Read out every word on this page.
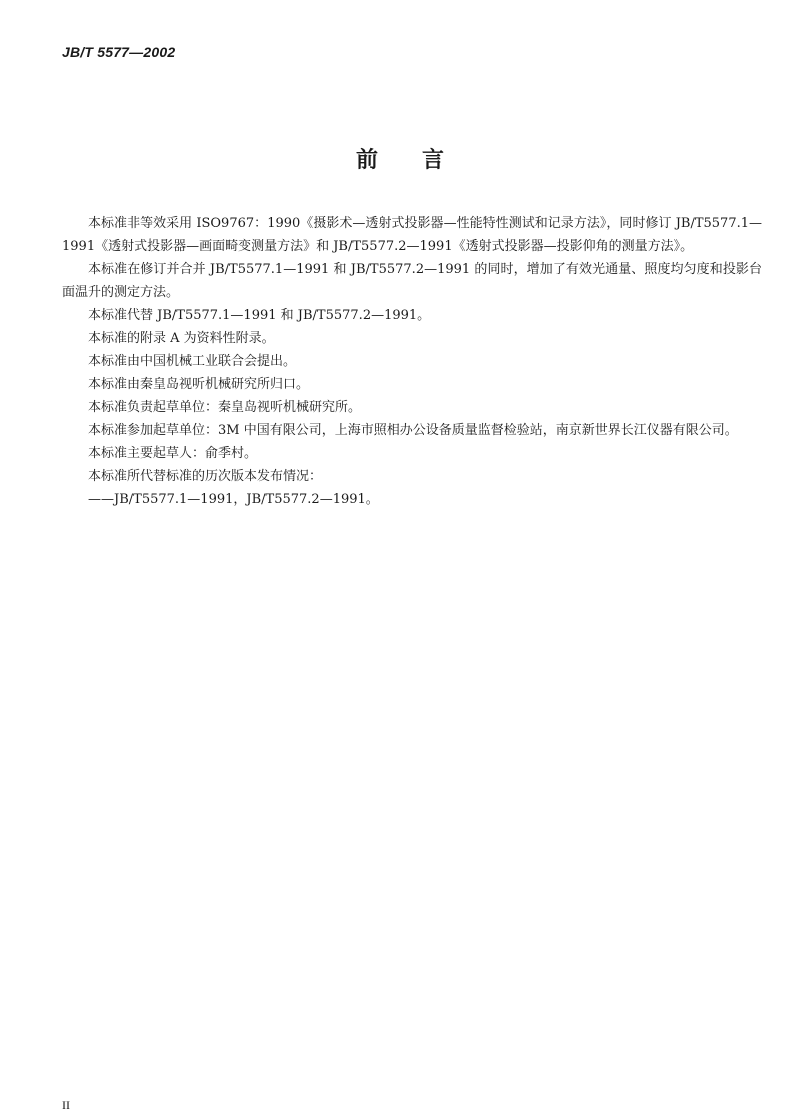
JB/T 5577—2002
前言

本标准非等效采用 ISO9767：1990《摄影术—透射式投影器—性能特性测试和记录方法》，同时修订 JB/T5577.1—1991《透射式投影器—画面畸变测量方法》和 JB/T5577.2—1991《透射式投影器—投影仰角的测量方法》。

本标准在修订并合并 JB/T5577.1—1991 和 JB/T5577.2—1991 的同时，增加了有效光通量、照度均匀度和投影台面温升的测定方法。

本标准代替 JB/T5577.1—1991 和 JB/T5577.2—1991。

本标准的附录 A 为资料性附录。

本标准由中国机械工业联合会提出。

本标准由秦皇岛视听机械研究所归口。

本标准负责起草单位：秦皇岛视听机械研究所。

本标准参加起草单位：3M 中国有限公司，上海市照相办公设备质量监督检验站，南京新世界长江仪器有限公司。

本标准主要起草人：俞季村。

本标准所代替标准的历次版本发布情况：

——JB/T5577.1—1991，JB/T5577.2—1991。

II
